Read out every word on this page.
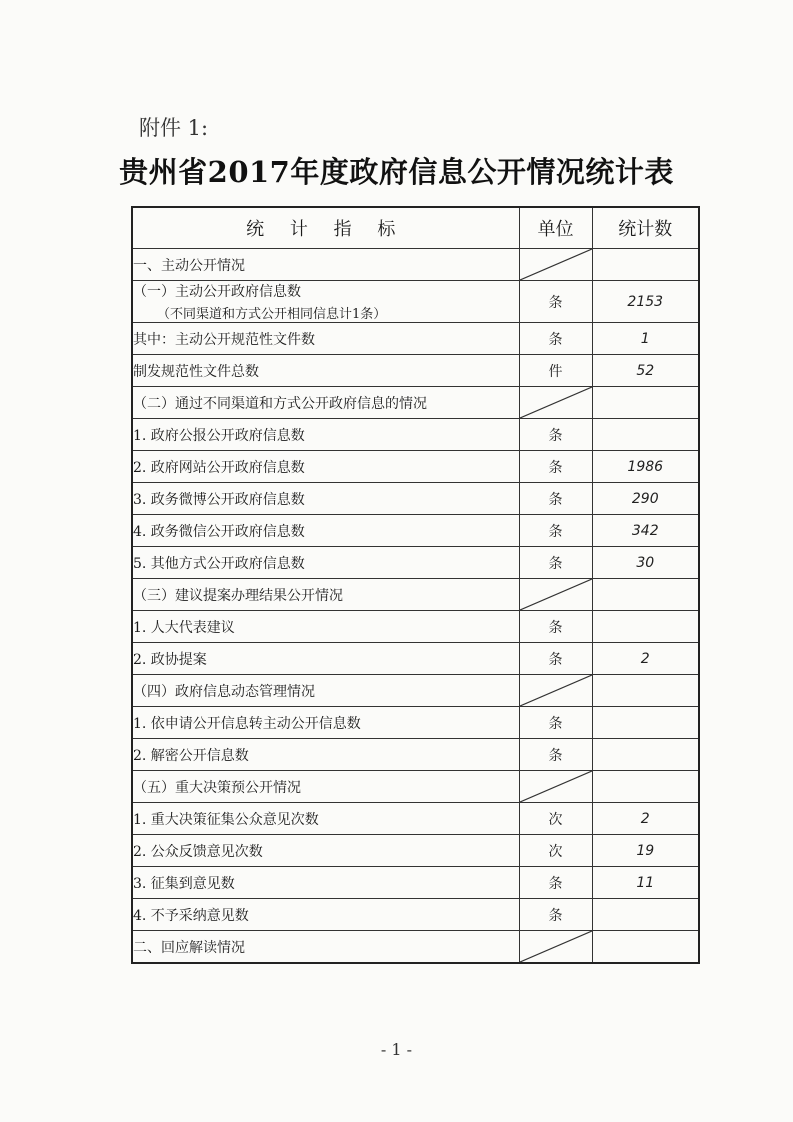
附件 1:
贵州省2017年度政府信息公开情况统计表
统 计 指 标	单位	统计数
一、主动公开情况	

（一）主动公开政府信息数
（不同渠道和方式公开相同信息计1条）	条	2153
其中：主动公开规范性文件数	条	1
制发规范性文件总数	件	52
（二）通过不同渠道和方式公开政府信息的情况	

1. 政府公报公开政府信息数	条	
2. 政府网站公开政府信息数	条	1986
3. 政务微博公开政府信息数	条	290
4. 政务微信公开政府信息数	条	342
5. 其他方式公开政府信息数	条	30
（三）建议提案办理结果公开情况	

1. 人大代表建议	条	
2. 政协提案	条	2
（四）政府信息动态管理情况	

1. 依申请公开信息转主动公开信息数	条	
2. 解密公开信息数	条	
（五）重大决策预公开情况	

1. 重大决策征集公众意见次数	次	2
2. 公众反馈意见次数	次	19
3. 征集到意见数	条	11
4. 不予采纳意见数	条	
二、回应解读情况	

- 1 -
